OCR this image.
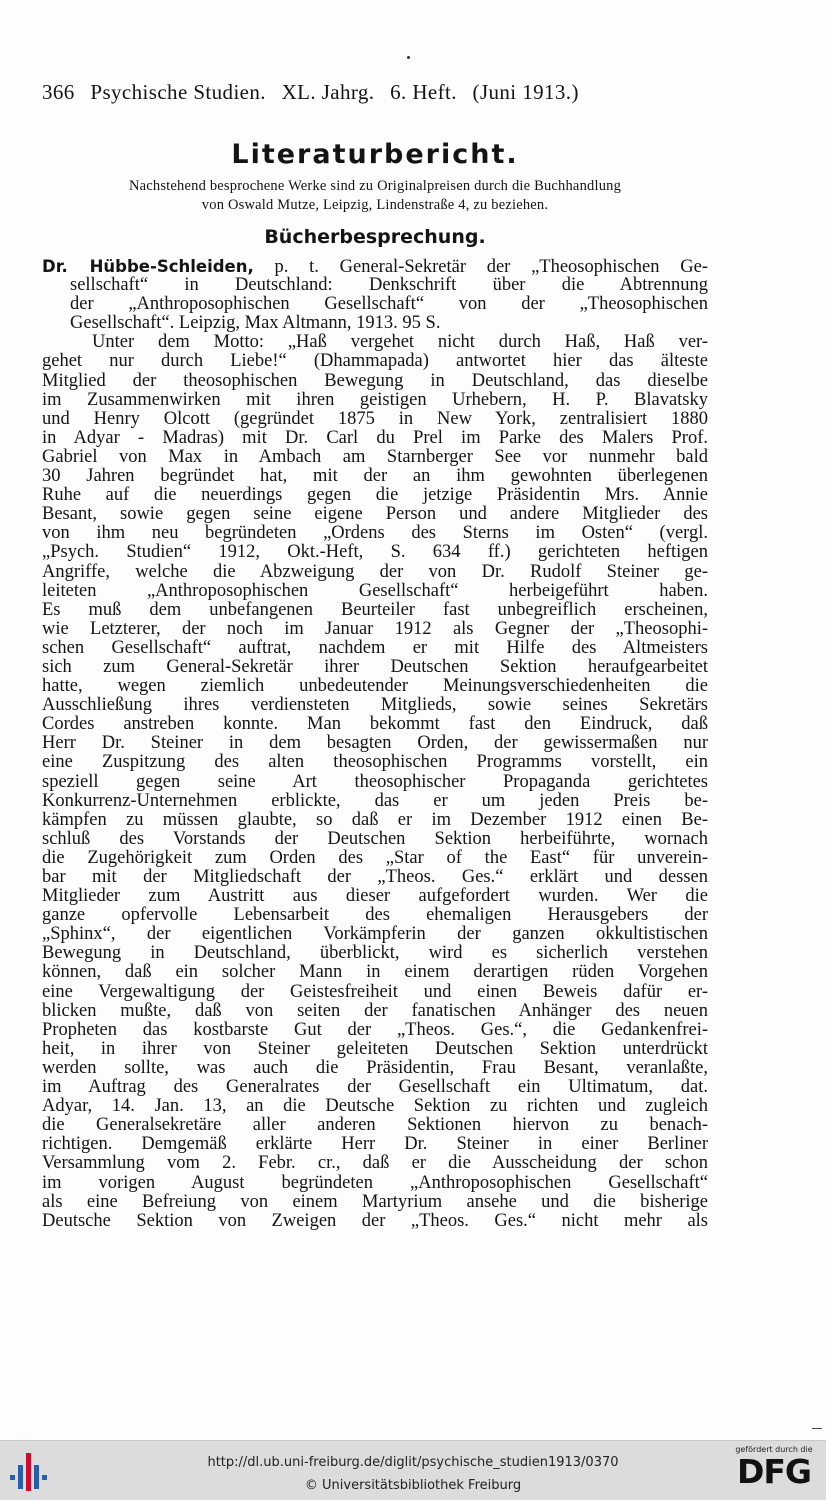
366 Psychische Studien. XL. Jahrg. 6. Heft. (Juni 1913.)
Literaturbericht.
Nachstehend besprochene Werke sind zu Originalpreisen durch die Buchhandlung
von Oswald Mutze, Leipzig, Lindenstraße 4, zu beziehen.
Bücherbesprechung.
Dr. Hübbe-Schleiden, p. t. General-Sekretär der „Theosophischen Ge-
sellschaft“ in Deutschland: Denkschrift über die Abtrennung
der „Anthroposophischen Gesellschaft“ von der „Theosophischen
Gesellschaft“. Leipzig, Max Altmann, 1913. 95 S.
Unter dem Motto: „Haß vergehet nicht durch Haß, Haß ver-
gehet nur durch Liebe!“ (Dhammapada) antwortet hier das älteste
Mitglied der theosophischen Bewegung in Deutschland, das dieselbe
im Zusammenwirken mit ihren geistigen Urhebern, H. P. Blavatsky
und Henry Olcott (gegründet 1875 in New York, zentralisiert 1880
in Adyar - Madras) mit Dr. Carl du Prel im Parke des Malers Prof.
Gabriel von Max in Ambach am Starnberger See vor nunmehr bald
30 Jahren begründet hat, mit der an ihm gewohnten überlegenen
Ruhe auf die neuerdings gegen die jetzige Präsidentin Mrs. Annie
Besant, sowie gegen seine eigene Person und andere Mitglieder des
von ihm neu begründeten „Ordens des Sterns im Osten“ (vergl.
„Psych. Studien“ 1912, Okt.-Heft, S. 634 ff.) gerichteten heftigen
Angriffe, welche die Abzweigung der von Dr. Rudolf Steiner ge-
leiteten „Anthroposophischen Gesellschaft“ herbeigeführt haben.
Es muß dem unbefangenen Beurteiler fast unbegreiflich erscheinen,
wie Letzterer, der noch im Januar 1912 als Gegner der „Theosophi-
schen Gesellschaft“ auftrat, nachdem er mit Hilfe des Altmeisters
sich zum General-Sekretär ihrer Deutschen Sektion heraufgearbeitet
hatte, wegen ziemlich unbedeutender Meinungsverschiedenheiten die
Ausschließung ihres verdiensteten Mitglieds, sowie seines Sekretärs
Cordes anstreben konnte. Man bekommt fast den Eindruck, daß
Herr Dr. Steiner in dem besagten Orden, der gewissermaßen nur
eine Zuspitzung des alten theosophischen Programms vorstellt, ein
speziell gegen seine Art theosophischer Propaganda gerichtetes
Konkurrenz-Unternehmen erblickte, das er um jeden Preis be-
kämpfen zu müssen glaubte, so daß er im Dezember 1912 einen Be-
schluß des Vorstands der Deutschen Sektion herbeiführte, wornach
die Zugehörigkeit zum Orden des „Star of the East“ für unverein-
bar mit der Mitgliedschaft der „Theos. Ges.“ erklärt und dessen
Mitglieder zum Austritt aus dieser aufgefordert wurden. Wer die
ganze opfervolle Lebensarbeit des ehemaligen Herausgebers der
„Sphinx“, der eigentlichen Vorkämpferin der ganzen okkultistischen
Bewegung in Deutschland, überblickt, wird es sicherlich verstehen
können, daß ein solcher Mann in einem derartigen rüden Vorgehen
eine Vergewaltigung der Geistesfreiheit und einen Beweis dafür er-
blicken mußte, daß von seiten der fanatischen Anhänger des neuen
Propheten das kostbarste Gut der „Theos. Ges.“, die Gedankenfrei-
heit, in ihrer von Steiner geleiteten Deutschen Sektion unterdrückt
werden sollte, was auch die Präsidentin, Frau Besant, veranlaßte,
im Auftrag des Generalrates der Gesellschaft ein Ultimatum, dat.
Adyar, 14. Jan. 13, an die Deutsche Sektion zu richten und zugleich
die Generalsekretäre aller anderen Sektionen hiervon zu benach-
richtigen. Demgemäß erklärte Herr Dr. Steiner in einer Berliner
Versammlung vom 2. Febr. cr., daß er die Ausscheidung der schon
im vorigen August begründeten „Anthroposophischen Gesellschaft“
als eine Befreiung von einem Martyrium ansehe und die bisherige
Deutsche Sektion von Zweigen der „Theos. Ges.“ nicht mehr als
http://dl.ub.uni-freiburg.de/diglit/psychische_studien1913/0370
© Universitätsbibliothek Freiburg
gefördert durch die
DFG
